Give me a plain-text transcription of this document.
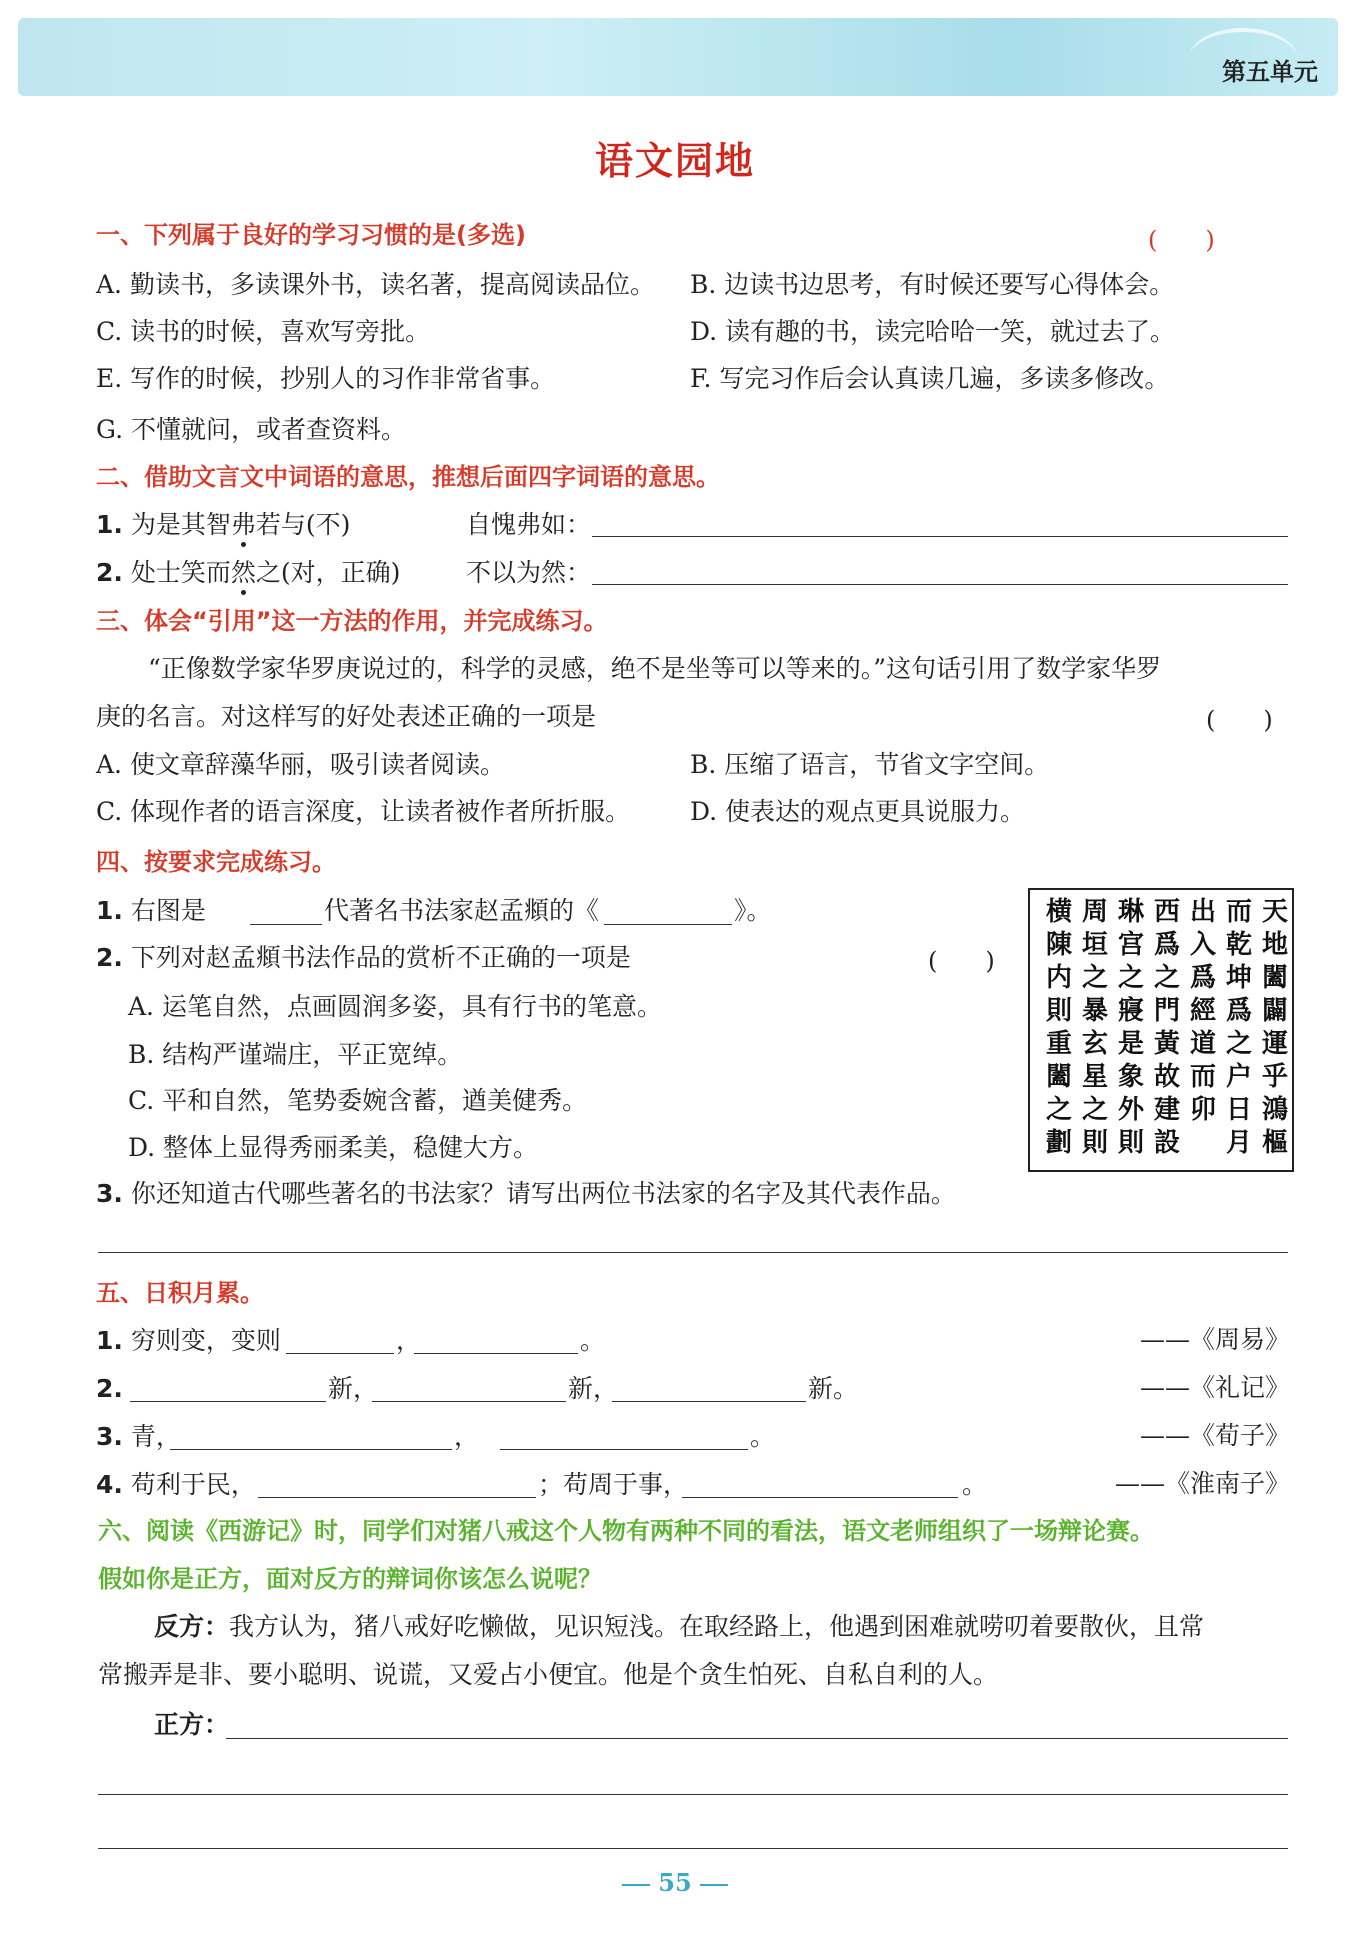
第五单元
语文园地
一、下列属于良好的学习习惯的是(多选)	(　　)
A. 勤读书，多读课外书，读名著，提高阅读品位。	B. 边读书边思考，有时候还要写心得体会。
C. 读书的时候，喜欢写旁批。	D. 读有趣的书，读完哈哈一笑，就过去了。
E. 写作的时候，抄别人的习作非常省事。	F. 写完习作后会认真读几遍，多读多修改。
G. 不懂就问，或者查资料。
二、借助文言文中词语的意思，推想后面四字词语的意思。
1. 为是其智弗若与(不)	自愧弗如：
2. 处士笑而然之(对，正确)	不以为然：
三、体会“引用”这一方法的作用，并完成练习。
“正像数学家华罗庚说过的，科学的灵感，绝不是坐等可以等来的。”这句话引用了数学家华罗
庚的名言。对这样写的好处表述正确的一项是	(　　)
A. 使文章辞藻华丽，吸引读者阅读。	B. 压缩了语言，节省文字空间。
C. 体现作者的语言深度，让读者被作者所折服。	D. 使表达的观点更具说服力。
四、按要求完成练习。
1. 右图是	代著名书法家赵孟頫的《	》。
2. 下列对赵孟頫书法作品的赏析不正确的一项是	(　　)
A. 运笔自然，点画圆润多姿，具有行书的笔意。
B. 结构严谨端庄，平正宽绰。
C. 平和自然，笔势委婉含蓄，遒美健秀。
D. 整体上显得秀丽柔美，稳健大方。
天地闔闢運乎鴻樞
而乾坤爲之户日月
出入爲經道而卯
西爲之門黃故建設
琳宫之寢是象外則
周垣之暴玄星之則
横陳内則重闔之劃
3. 你还知道古代哪些著名的书法家？请写出两位书法家的名字及其代表作品。
五、日积月累。
1. 穷则变，变则	，	。	——《周易》
2.	新，	新，	新。	——《礼记》
3. 青，	，	。	——《荀子》
4. 苟利于民，	；苟周于事，	。	——《淮南子》
六、阅读《西游记》时，同学们对猪八戒这个人物有两种不同的看法，语文老师组织了一场辩论赛。
假如你是正方，面对反方的辩词你该怎么说呢？
反方：我方认为，猪八戒好吃懒做，见识短浅。在取经路上，他遇到困难就唠叨着要散伙，且常
常搬弄是非、要小聪明、说谎，又爱占小便宜。他是个贪生怕死、自私自利的人。
正方：
55
